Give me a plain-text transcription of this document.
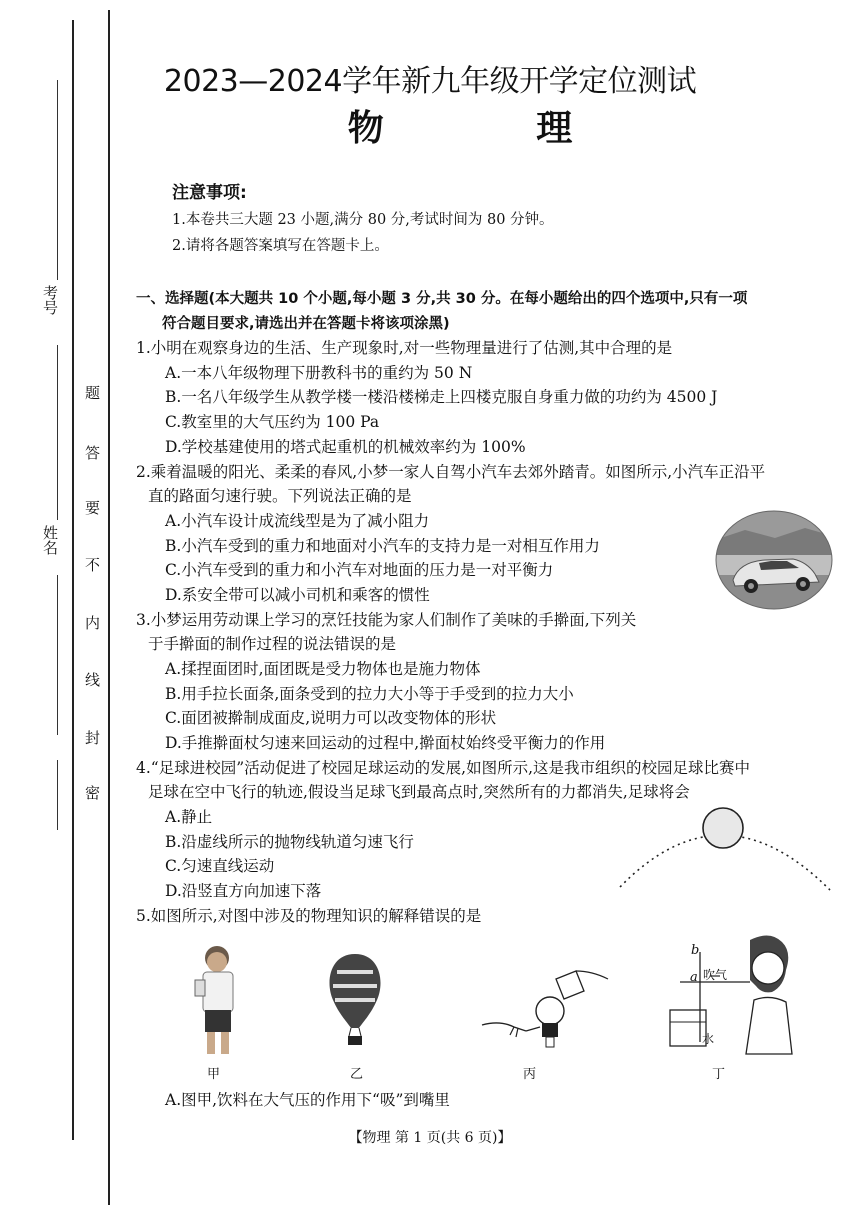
考号
姓名
题
答
要
不
内
线
封
密
2023—2024学年新九年级开学定位测试
物 理
注意事项:
1.本卷共三大题 23 小题,满分 80 分,考试时间为 80 分钟。
2.请将各题答案填写在答题卡上。
一、选择题(本大题共 10 个小题,每小题 3 分,共 30 分。在每小题给出的四个选项中,只有一项
符合题目要求,请选出并在答题卡将该项涂黑)
1.小明在观察身边的生活、生产现象时,对一些物理量进行了估测,其中合理的是
A.一本八年级物理下册教科书的重约为 50 N
B.一名八年级学生从教学楼一楼沿楼梯走上四楼克服自身重力做的功约为 4500 J
C.教室里的大气压约为 100 Pa
D.学校基建使用的塔式起重机的机械效率约为 100%
2.乘着温暖的阳光、柔柔的春风,小梦一家人自驾小汽车去郊外踏青。如图所示,小汽车正沿平
直的路面匀速行驶。下列说法正确的是
A.小汽车设计成流线型是为了减小阻力
B.小汽车受到的重力和地面对小汽车的支持力是一对相互作用力
C.小汽车受到的重力和小汽车对地面的压力是一对平衡力
D.系安全带可以减小司机和乘客的惯性
3.小梦运用劳动课上学习的烹饪技能为家人们制作了美味的手擀面,下列关
于手擀面的制作过程的说法错误的是
A.揉捏面团时,面团既是受力物体也是施力物体
B.用手拉长面条,面条受到的拉力大小等于手受到的拉力大小
C.面团被擀制成面皮,说明力可以改变物体的形状
D.手推擀面杖匀速来回运动的过程中,擀面杖始终受平衡力的作用
4.“足球进校园”活动促进了校园足球运动的发展,如图所示,这是我市组织的校园足球比赛中
足球在空中飞行的轨迹,假设当足球飞到最高点时,突然所有的力都消失,足球将会
A.静止
B.沿虚线所示的抛物线轨道匀速飞行
C.匀速直线运动
D.沿竖直方向加速下落
5.如图所示,对图中涉及的物理知识的解释错误的是
b
a 吹气
水
甲	乙	丙	丁
A.图甲,饮料在大气压的作用下“吸”到嘴里
【物理 第 1 页(共 6 页)】
